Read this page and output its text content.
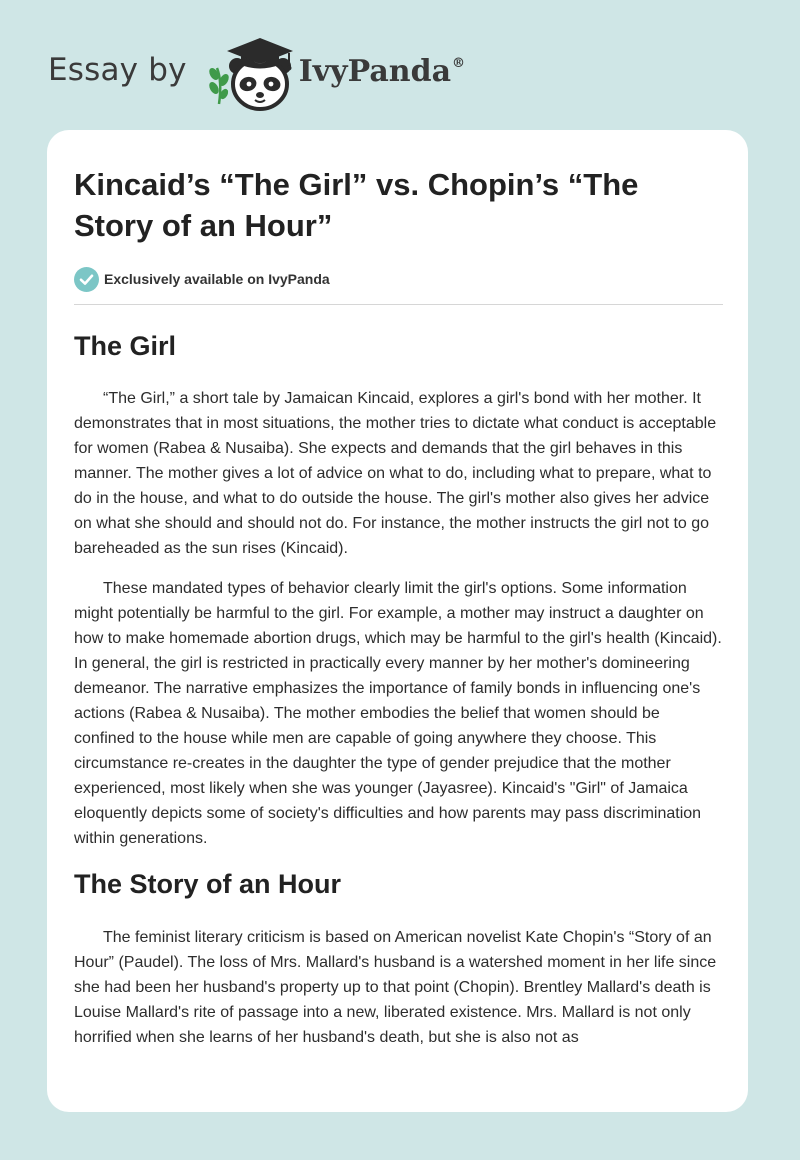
Essay by	IvyPanda®
Kincaid’s “The Girl” vs. Chopin’s “The Story of an Hour”
Exclusively available on IvyPanda
The Girl

“The Girl,” a short tale by Jamaican Kincaid, explores a girl's bond with her mother. It demonstrates that in most situations, the mother tries to dictate what conduct is acceptable for women (Rabea & Nusaiba). She expects and demands that the girl behaves in this manner. The mother gives a lot of advice on what to do, including what to prepare, what to do in the house, and what to do outside the house. The girl's mother also gives her advice on what she should and should not do. For instance, the mother instructs the girl not to go bareheaded as the sun rises (Kincaid).

These mandated types of behavior clearly limit the girl's options. Some information might potentially be harmful to the girl. For example, a mother may instruct a daughter on how to make homemade abortion drugs, which may be harmful to the girl's health (Kincaid). In general, the girl is restricted in practically every manner by her mother's domineering demeanor. The narrative emphasizes the importance of family bonds in influencing one's actions (Rabea & Nusaiba). The mother embodies the belief that women should be confined to the house while men are capable of going anywhere they choose. This circumstance re-creates in the daughter the type of gender prejudice that the mother experienced, most likely when she was younger (Jayasree). Kincaid's "Girl" of Jamaica eloquently depicts some of society's difficulties and how parents may pass discrimination within generations.

The Story of an Hour

The feminist literary criticism is based on American novelist Kate Chopin's “Story of an Hour” (Paudel). The loss of Mrs. Mallard's husband is a watershed moment in her life since she had been her husband's property up to that point (Chopin). Brentley Mallard's death is Louise Mallard's rite of passage into a new, liberated existence. Mrs. Mallard is not only horrified when she learns of her husband's death, but she is also not as
